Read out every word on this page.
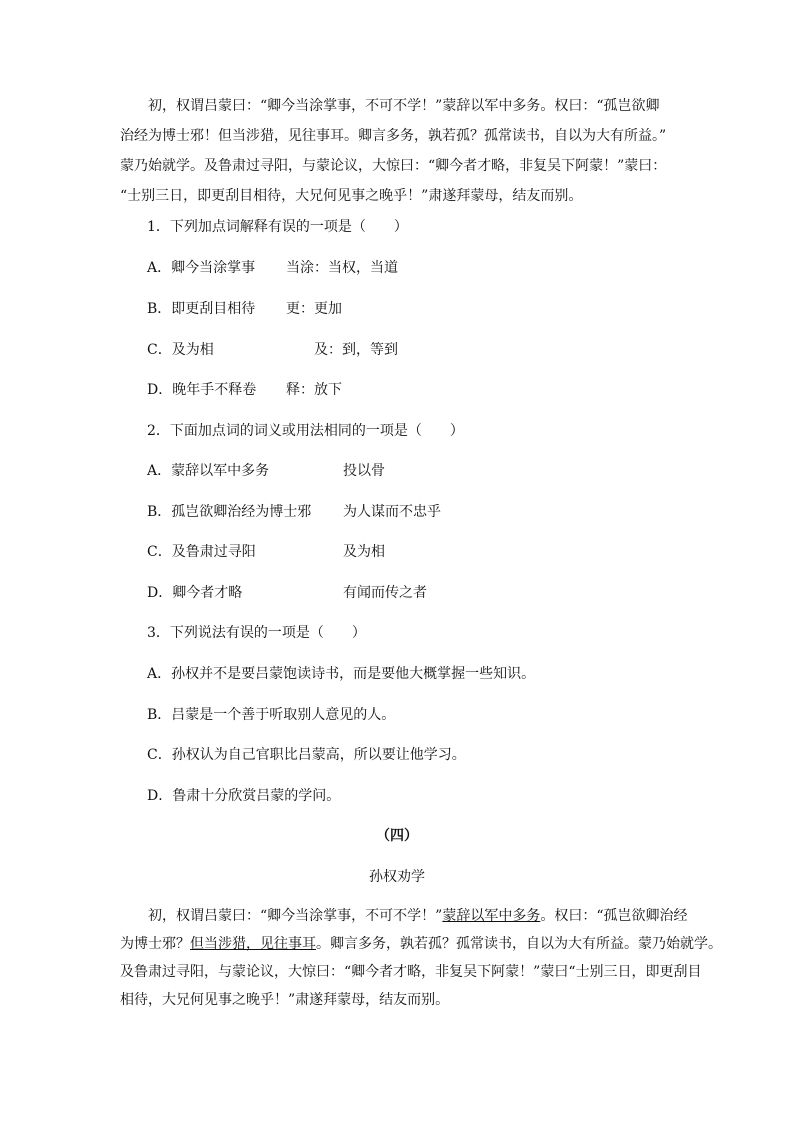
初，权谓吕蒙曰：“卿今当涂掌事，不可不学！”蒙辞以军中多务。权曰：“孤岂欲卿
治经为博士邪！但当涉猎，见往事耳。卿言多务，孰若孤？孤常读书，自以为大有所益。”
蒙乃始就学。及鲁肃过寻阳，与蒙论议，大惊曰：“卿今者才略，非复吴下阿蒙！”蒙曰：
“士别三日，即更刮目相待，大兄何见事之晚乎！”肃遂拜蒙母，结友而别。
1．下列加点词解释有误的一项是（　　）
A．卿今当涂掌事 当涂：当权，当道
B．即更刮目相待 更：更加
C．及为相	及：到，等到
D．晚年手不释卷 释：放下
2．下面加点词的词义或用法相同的一项是（　　）
A．蒙辞以军中多务	投以骨
B．孤岂欲卿治经为博士邪 为人谋而不忠乎
C．及鲁肃过寻阳	及为相
D．卿今者才略	有闻而传之者
3．下列说法有误的一项是（　　）
A．孙权并不是要吕蒙饱读诗书，而是要他大概掌握一些知识。
B．吕蒙是一个善于听取别人意见的人。
C．孙权认为自己官职比吕蒙高，所以要让他学习。
D．鲁肃十分欣赏吕蒙的学问。
（四）
孙权劝学
初，权谓吕蒙曰：“卿今当涂掌事，不可不学！”蒙辞以军中多务。权曰：“孤岂欲卿治经
为博士邪？但当涉猎，见往事耳。卿言多务，孰若孤？孤常读书，自以为大有所益。蒙乃始就学。
及鲁肃过寻阳，与蒙论议，大惊曰：“卿今者才略，非复吴下阿蒙！”蒙曰“士别三日，即更刮目
相待，大兄何见事之晚乎！”肃遂拜蒙母，结友而别。
